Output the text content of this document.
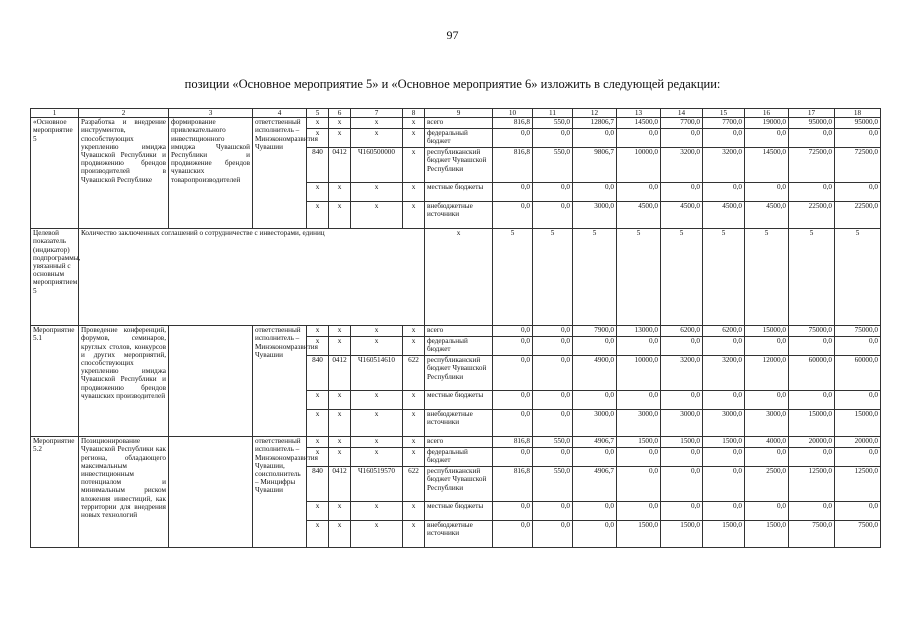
97
позиции «Основное мероприятие 5» и «Основное мероприятие 6» изложить в следующей редакции:
1	2	3	4	5	6	7	8	9	10	11	12	13	14	15	16	17	18
«Основное мероприятие 5	Разработка и внедрение инструментов, способствующих укреплению имиджа Чувашской Республики и продвижению брендов производителей в Чувашской Республике	формирование привлекательного инвестиционного имиджа Чувашской Республики и продвижение брендов чувашских товаропроизводителей	ответственный исполнитель – Минэкономразвития Чувашии	x	x	x	x	всего	816,8	550,0	12806,7	14500,0	7700,0	7700,0	19000,0	95000,0	95000,0
				x	x	x	x	федеральный бюджет	0,0	0,0	0,0	0,0	0,0	0,0	0,0	0,0	0,0
				840	0412	Ч160500000	x	республиканский бюджет Чувашской Республики	816,8	550,0	9806,7	10000,0	3200,0	3200,0	14500,0	72500,0	72500,0
				x	x	x	x	местные бюджеты	0,0	0,0	0,0	0,0	0,0	0,0	0,0	0,0	0,0
				x	x	x	x	внебюджетные источники	0,0	0,0	3000,0	4500,0	4500,0	4500,0	4500,0	22500,0	22500,0
Целевой показатель (индикатор) подпрограммы, увязанный с основным мероприятием 5	Количество заключенных соглашений о сотрудничестве с инвесторами, единиц							x	5	5	5	5	5	5	5	5	5
Мероприятие 5.1	Проведение конференций, форумов, семинаров, круглых столов, конкурсов и других мероприятий, способствующих укреплению имиджа Чувашской Республики и продвижению брендов чувашских производителей		ответственный исполнитель – Минэкономразвития Чувашии	x	x	x	x	всего	0,0	0,0	7900,0	13000,0	6200,0	6200,0	15000,0	75000,0	75000,0
				x	x	x	x	федеральный бюджет	0,0	0,0	0,0	0,0	0,0	0,0	0,0	0,0	0,0
				840	0412	Ч160514610	622	республиканский бюджет Чувашской Республики	0,0	0,0	4900,0	10000,0	3200,0	3200,0	12000,0	60000,0	60000,0
				x	x	x	x	местные бюджеты	0,0	0,0	0,0	0,0	0,0	0,0	0,0	0,0	0,0
				x	x	x	x	внебюджетные источники	0,0	0,0	3000,0	3000,0	3000,0	3000,0	3000,0	15000,0	15000,0
Мероприятие 5.2	Позиционирование Чувашской Республики как региона, обладающего максимальным инвестиционным потенциалом и минимальным риском вложения инвестиций, как территории для внедрения новых технологий		ответственный исполнитель – Минэкономразвития Чувашии, соисполнитель – Минцифры Чувашии	x	x	x	x	всего	816,8	550,0	4906,7	1500,0	1500,0	1500,0	4000,0	20000,0	20000,0
				x	x	x	x	федеральный бюджет	0,0	0,0	0,0	0,0	0,0	0,0	0,0	0,0	0,0
				840	0412	Ч160519570	622	республиканский бюджет Чувашской Республики	816,8	550,0	4906,7	0,0	0,0	0,0	2500,0	12500,0	12500,0
				x	x	x	x	местные бюджеты	0,0	0,0	0,0	0,0	0,0	0,0	0,0	0,0	0,0
				x	x	x	x	внебюджетные источники	0,0	0,0	0,0	1500,0	1500,0	1500,0	1500,0	7500,0	7500,0
